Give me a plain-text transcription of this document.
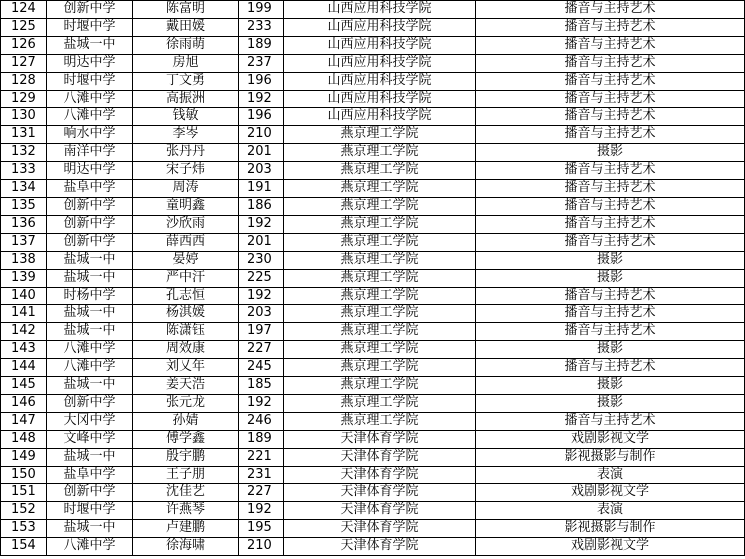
124	创新中学	陈富明	199	山西应用科技学院	播音与主持艺术
125	时堰中学	戴田媛	233	山西应用科技学院	播音与主持艺术
126	盐城一中	徐雨萌	189	山西应用科技学院	播音与主持艺术
127	明达中学	房旭	237	山西应用科技学院	播音与主持艺术
128	时堰中学	丁文勇	196	山西应用科技学院	播音与主持艺术
129	八滩中学	高振洲	192	山西应用科技学院	播音与主持艺术
130	八滩中学	钱敏	196	山西应用科技学院	播音与主持艺术
131	响水中学	李岑	210	燕京理工学院	播音与主持艺术
132	南洋中学	张丹丹	201	燕京理工学院	摄影
133	明达中学	宋子炜	203	燕京理工学院	播音与主持艺术
134	盐阜中学	周涛	191	燕京理工学院	播音与主持艺术
135	创新中学	童明鑫	186	燕京理工学院	播音与主持艺术
136	创新中学	沙欣雨	192	燕京理工学院	播音与主持艺术
137	创新中学	薛西西	201	燕京理工学院	播音与主持艺术
138	盐城一中	晏婷	230	燕京理工学院	摄影
139	盐城一中	严中汗	225	燕京理工学院	摄影
140	时杨中学	孔志恒	192	燕京理工学院	播音与主持艺术
141	盐城一中	杨淇媛	203	燕京理工学院	播音与主持艺术
142	盐城一中	陈潇钰	197	燕京理工学院	播音与主持艺术
143	八滩中学	周效康	227	燕京理工学院	摄影
144	八滩中学	刘乂年	245	燕京理工学院	播音与主持艺术
145	盐城一中	姜天浩	185	燕京理工学院	摄影
146	创新中学	张元龙	192	燕京理工学院	摄影
147	大冈中学	孙婧	246	燕京理工学院	播音与主持艺术
148	文峰中学	傅学鑫	189	天津体育学院	戏剧影视文学
149	盐城一中	殷宇鹏	221	天津体育学院	影视摄影与制作
150	盐阜中学	王子朋	231	天津体育学院	表演
151	创新中学	沈佳艺	227	天津体育学院	戏剧影视文学
152	时堰中学	许燕琴	192	天津体育学院	表演
153	盐城一中	卢建鹏	195	天津体育学院	影视摄影与制作
154	八滩中学	徐海啸	210	天津体育学院	戏剧影视文学
